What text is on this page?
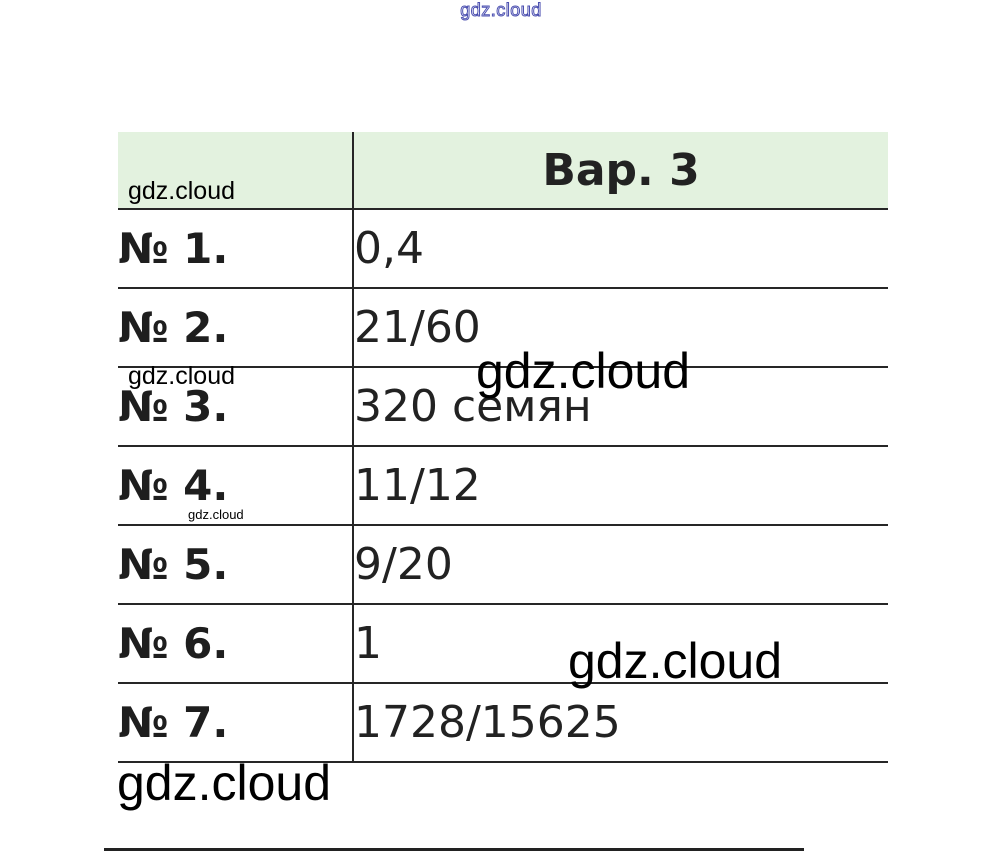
gdz.cloud
	Вар. 3
№ 1.	0,4
№ 2.	21/60
№ 3.	320 семян
№ 4.	11/12
№ 5.	9/20
№ 6.	1
№ 7.	1728/15625
gdz.cloud
gdz.cloud
gdz.cloud
gdz.cloud
gdz.cloud
gdz.cloud
